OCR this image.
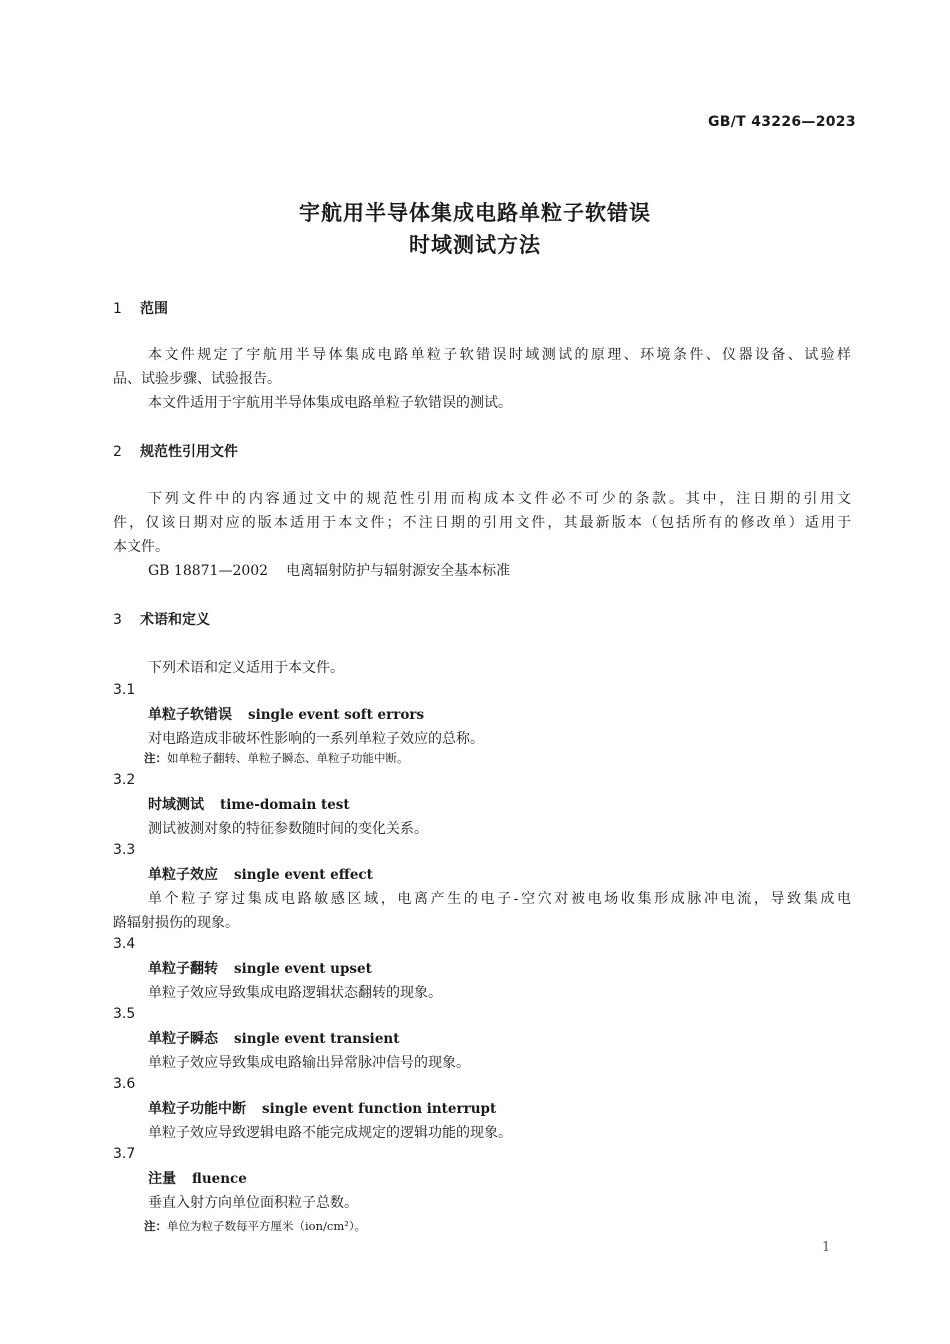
GB/T 43226—2023
宇航用半导体集成电路单粒子软错误
时域测试方法
1 范围
本文件规定了宇航用半导体集成电路单粒子软错误时域测试的原理、环境条件、仪器设备、试验样
品、试验步骤、试验报告。
本文件适用于宇航用半导体集成电路单粒子软错误的测试。
2 规范性引用文件
下列文件中的内容通过文中的规范性引用而构成本文件必不可少的条款。其中，注日期的引用文
件，仅该日期对应的版本适用于本文件；不注日期的引用文件，其最新版本（包括所有的修改单）适用于
本文件。
GB 18871—2002 电离辐射防护与辐射源安全基本标准
3 术语和定义
下列术语和定义适用于本文件。
3.1
单粒子软错误 single event soft errors
对电路造成非破坏性影响的一系列单粒子效应的总称。
注：如单粒子翻转、单粒子瞬态、单粒子功能中断。
3.2
时域测试 time-domain test
测试被测对象的特征参数随时间的变化关系。
3.3
单粒子效应 single event effect
单个粒子穿过集成电路敏感区域，电离产生的电子-空穴对被电场收集形成脉冲电流，导致集成电
路辐射损伤的现象。
3.4
单粒子翻转 single event upset
单粒子效应导致集成电路逻辑状态翻转的现象。
3.5
单粒子瞬态 single event transient
单粒子效应导致集成电路输出异常脉冲信号的现象。
3.6
单粒子功能中断 single event function interrupt
单粒子效应导致逻辑电路不能完成规定的逻辑功能的现象。
3.7
注量 fluence
垂直入射方向单位面积粒子总数。
注：单位为粒子数每平方厘米（ion/cm²）。
1
